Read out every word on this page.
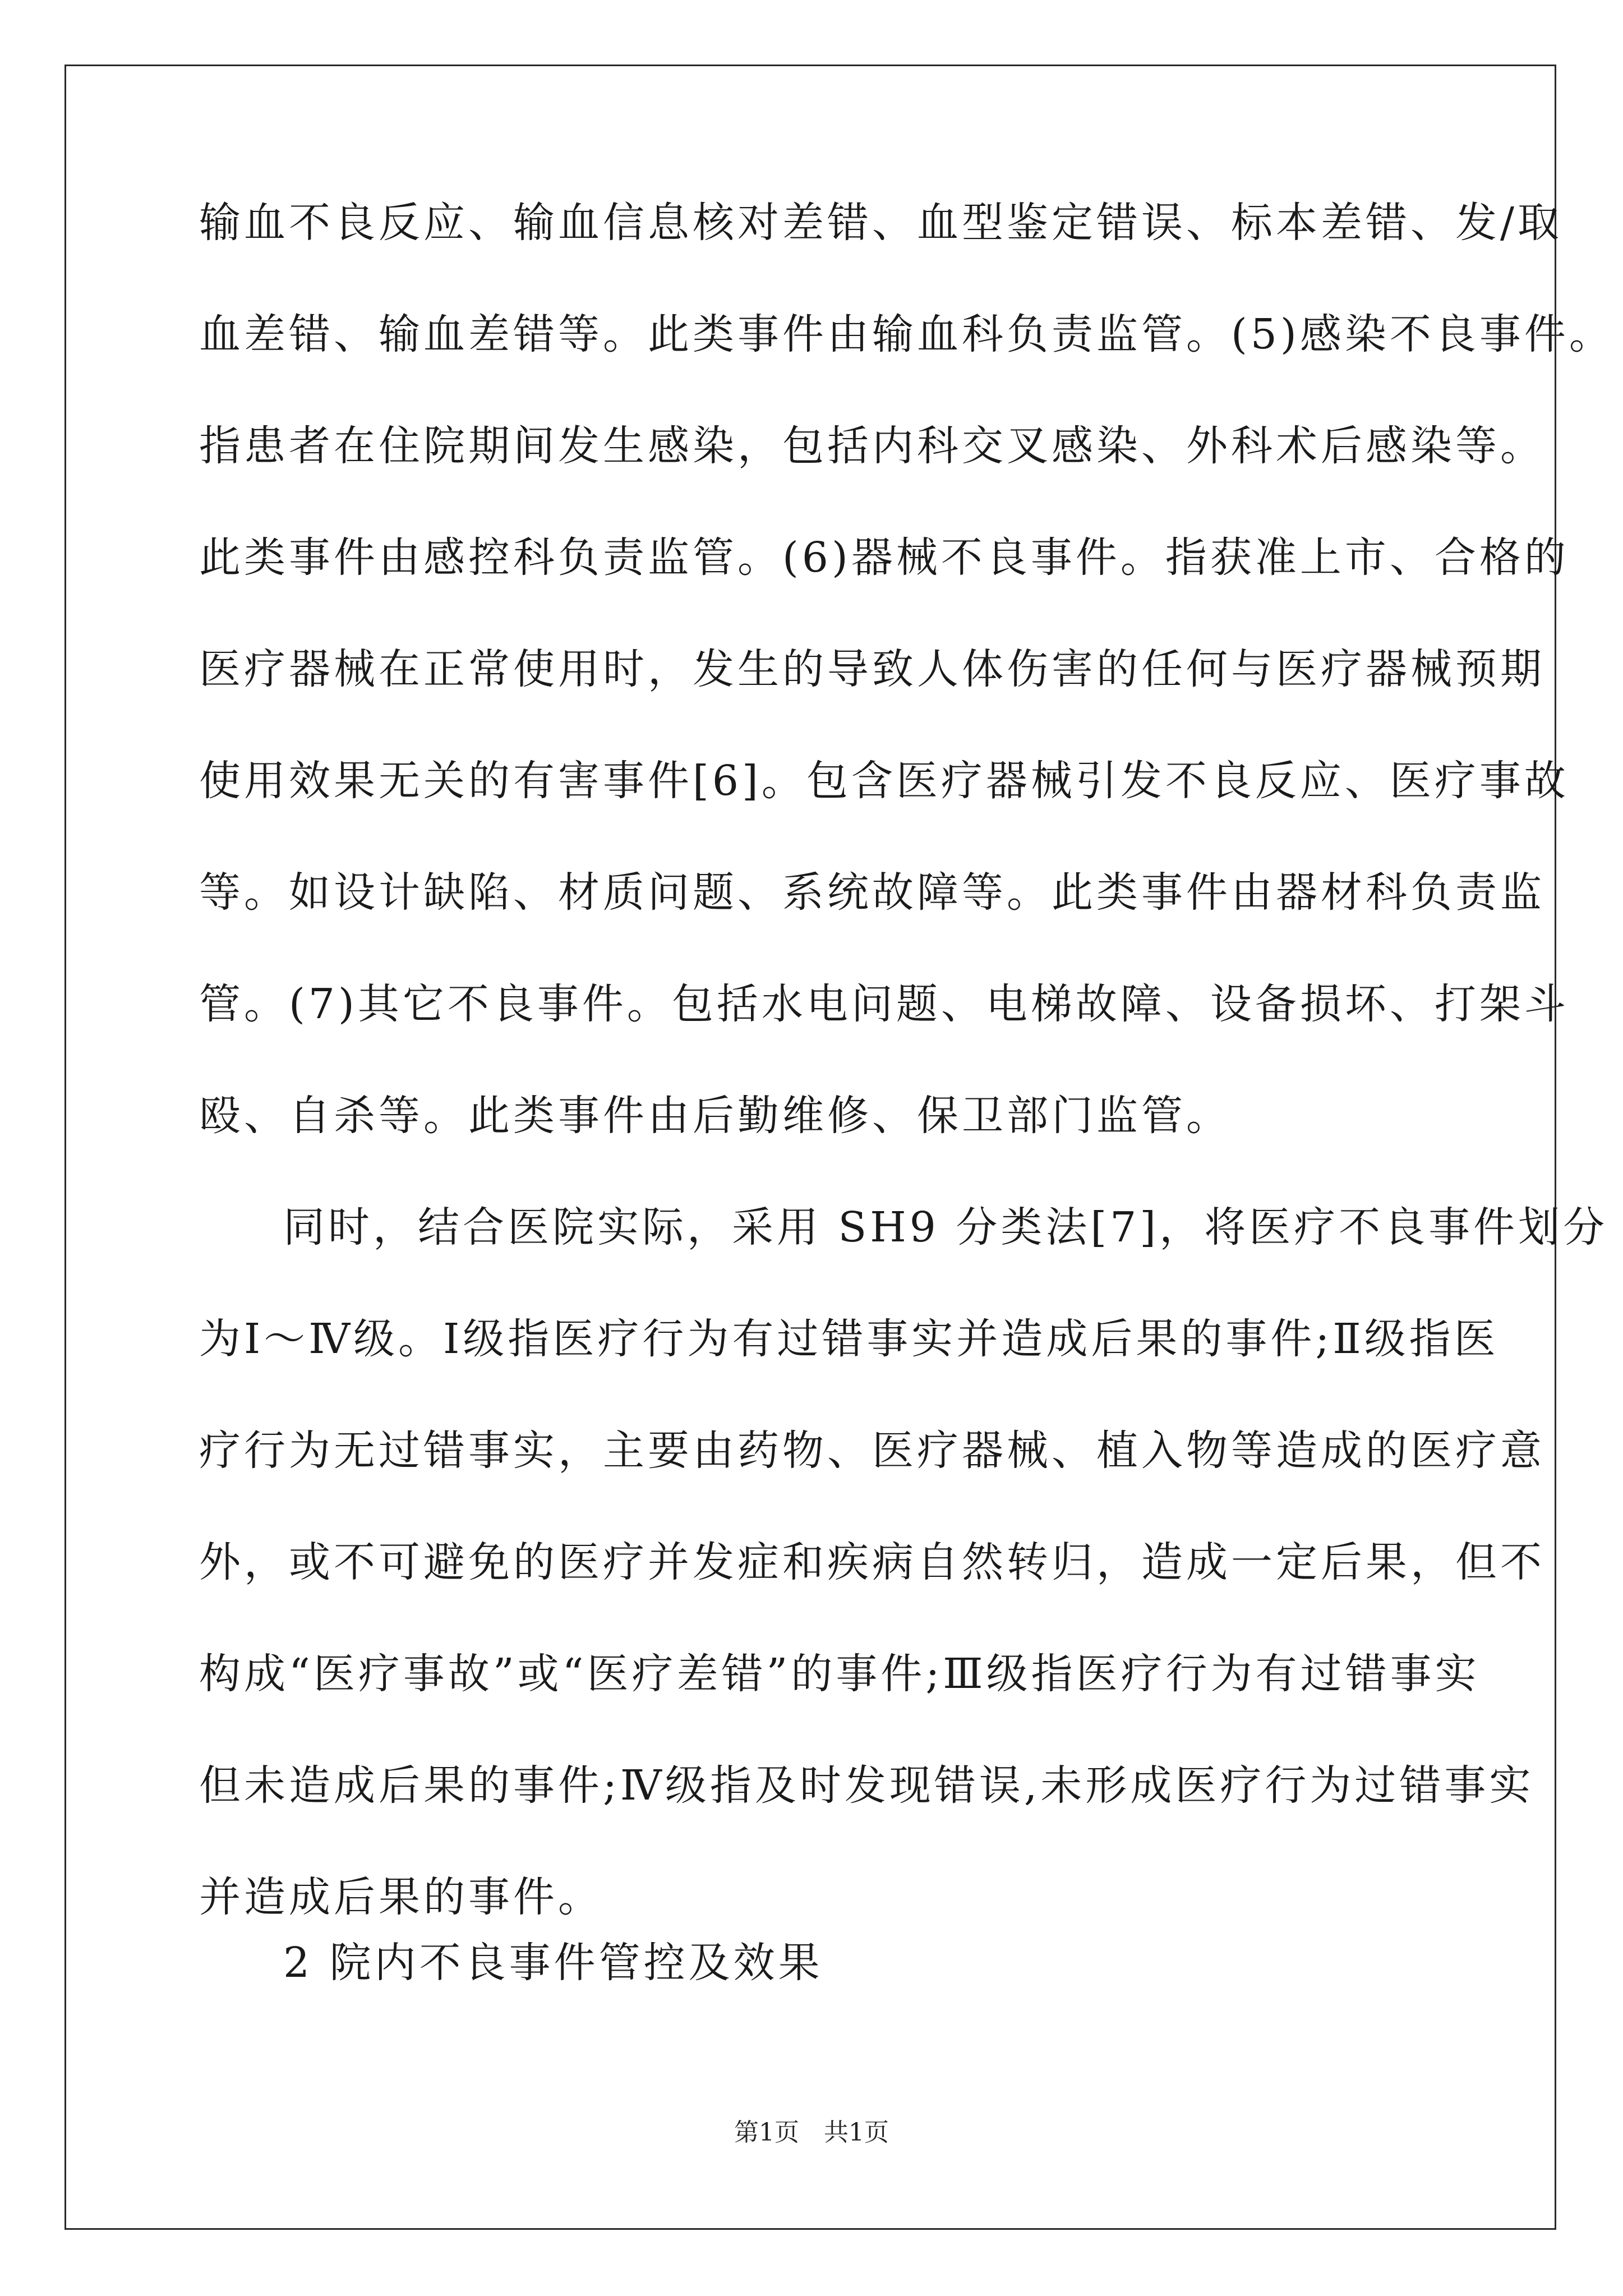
输血不良反应、输血信息核对差错、血型鉴定错误、标本差错、发/取
血差错、输血差错等。此类事件由输血科负责监管。(5)感染不良事件。
指患者在住院期间发生感染，包括内科交叉感染、外科术后感染等。
此类事件由感控科负责监管。(6)器械不良事件。指获准上市、合格的
医疗器械在正常使用时，发生的导致人体伤害的任何与医疗器械预期
使用效果无关的有害事件[6]。包含医疗器械引发不良反应、医疗事故
等。如设计缺陷、材质问题、系统故障等。此类事件由器材科负责监
管。(7)其它不良事件。包括水电问题、电梯故障、设备损坏、打架斗
殴、自杀等。此类事件由后勤维修、保卫部门监管。
同时，结合医院实际，采用 SH9 分类法[7]，将医疗不良事件划分
为Ⅰ～Ⅳ级。Ⅰ级指医疗行为有过错事实并造成后果的事件;Ⅱ级指医
疗行为无过错事实，主要由药物、医疗器械、植入物等造成的医疗意
外，或不可避免的医疗并发症和疾病自然转归，造成一定后果，但不
构成“医疗事故”或“医疗差错”的事件;Ⅲ级指医疗行为有过错事实
但未造成后果的事件;Ⅳ级指及时发现错误,未形成医疗行为过错事实
并造成后果的事件。
2 院内不良事件管控及效果
第1页　共1页
